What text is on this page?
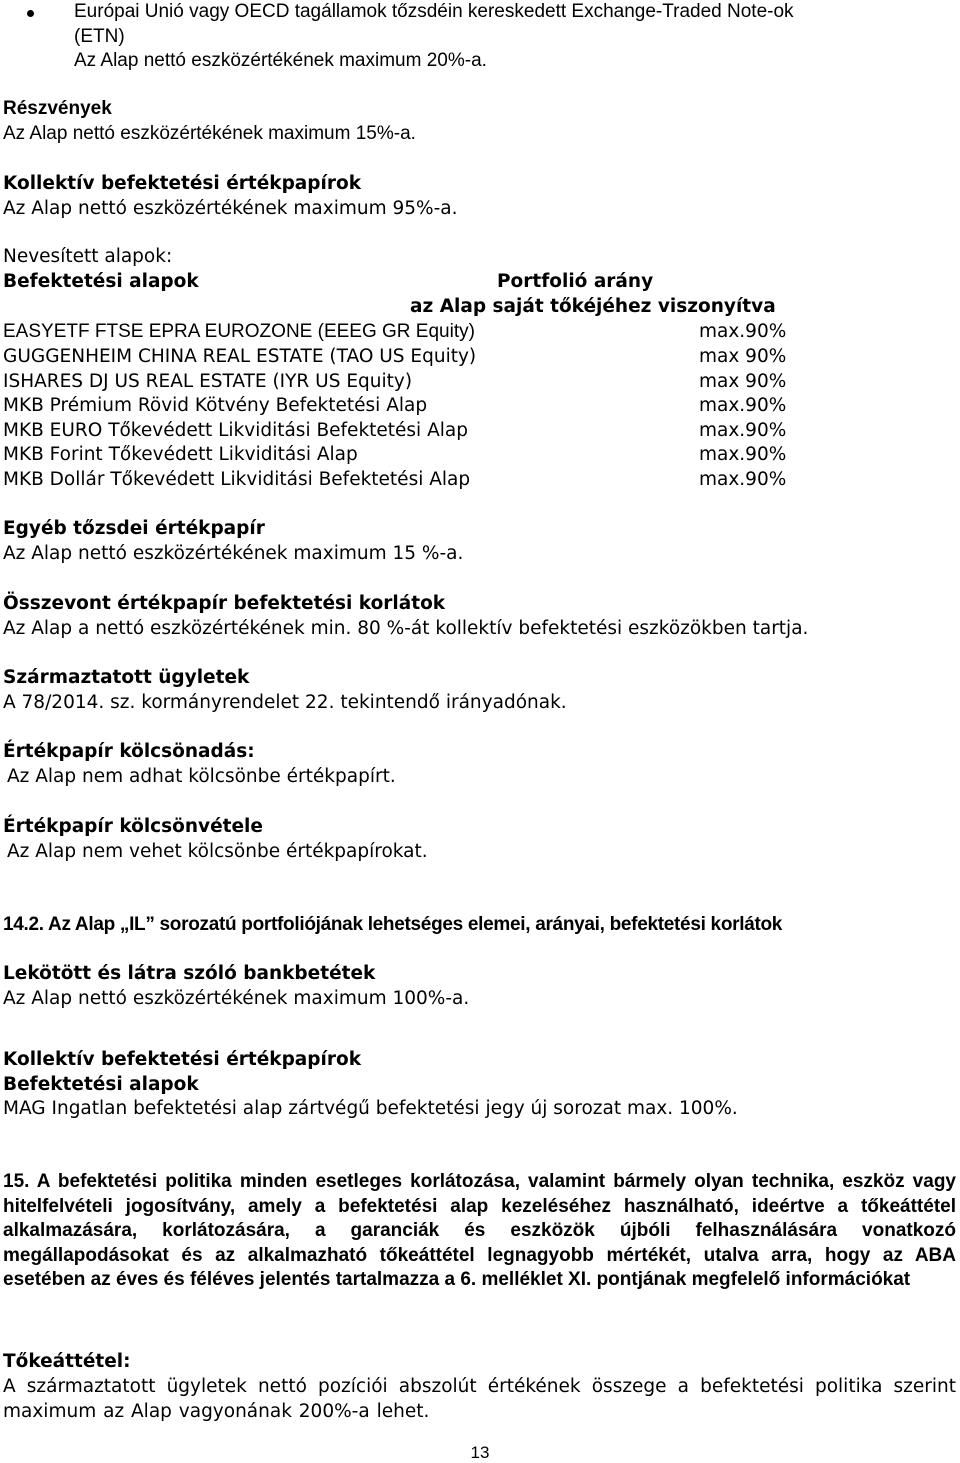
Európai Unió vagy OECD tagállamok tőzsdéin kereskedett Exchange-Traded Note-ok
(ETN)
Az Alap nettó eszközértékének maximum 20%-a.
Részvények
Az Alap nettó eszközértékének maximum 15%-a.
Kollektív befektetési értékpapírok
Az Alap nettó eszközértékének maximum 95%-a.
Nevesített alapok:
Befektetési alapok	Portfolió arány
az Alap saját tőkéjéhez viszonyítva
EASYETF FTSE EPRA EUROZONE (EEEG GR Equity)	max.90%
GUGGENHEIM CHINA REAL ESTATE (TAO US Equity)	max 90%
ISHARES DJ US REAL ESTATE (IYR US Equity)	max 90%
MKB Prémium Rövid Kötvény Befektetési Alap	max.90%
MKB EURO Tőkevédett Likviditási Befektetési Alap	max.90%
MKB Forint Tőkevédett Likviditási Alap	max.90%
MKB Dollár Tőkevédett Likviditási Befektetési Alap	max.90%
Egyéb tőzsdei értékpapír
Az Alap nettó eszközértékének maximum 15 %-a.
Összevont értékpapír befektetési korlátok
Az Alap a nettó eszközértékének min. 80 %-át kollektív befektetési eszközökben tartja.
Származtatott ügyletek
A 78/2014. sz. kormányrendelet 22. tekintendő irányadónak.
Értékpapír kölcsönadás:
Az Alap nem adhat kölcsönbe értékpapírt.
Értékpapír kölcsönvétele
Az Alap nem vehet kölcsönbe értékpapírokat.
14.2. Az Alap „IL” sorozatú portfoliójának lehetséges elemei, arányai, befektetési korlátok
Lekötött és látra szóló bankbetétek
Az Alap nettó eszközértékének maximum 100%-a.
Kollektív befektetési értékpapírok
Befektetési alapok
MAG Ingatlan befektetési alap zártvégű befektetési jegy új sorozat max. 100%.
15. A befektetési politika minden esetleges korlátozása, valamint bármely olyan technika, eszköz vagy hitelfelvételi jogosítvány, amely a befektetési alap kezeléséhez használható, ideértve a tőkeáttétel alkalmazására, korlátozására, a garanciák és eszközök újbóli felhasználására vonatkozó megállapodásokat és az alkalmazható tőkeáttétel legnagyobb mértékét, utalva arra, hogy az ABA esetében az éves és féléves jelentés tartalmazza a 6. melléklet XI. pontjának megfelelő információkat
Tőkeáttétel:
A származtatott ügyletek nettó pozíciói abszolút értékének összege a befektetési politika szerint maximum az Alap vagyonának 200%-a lehet.
13
